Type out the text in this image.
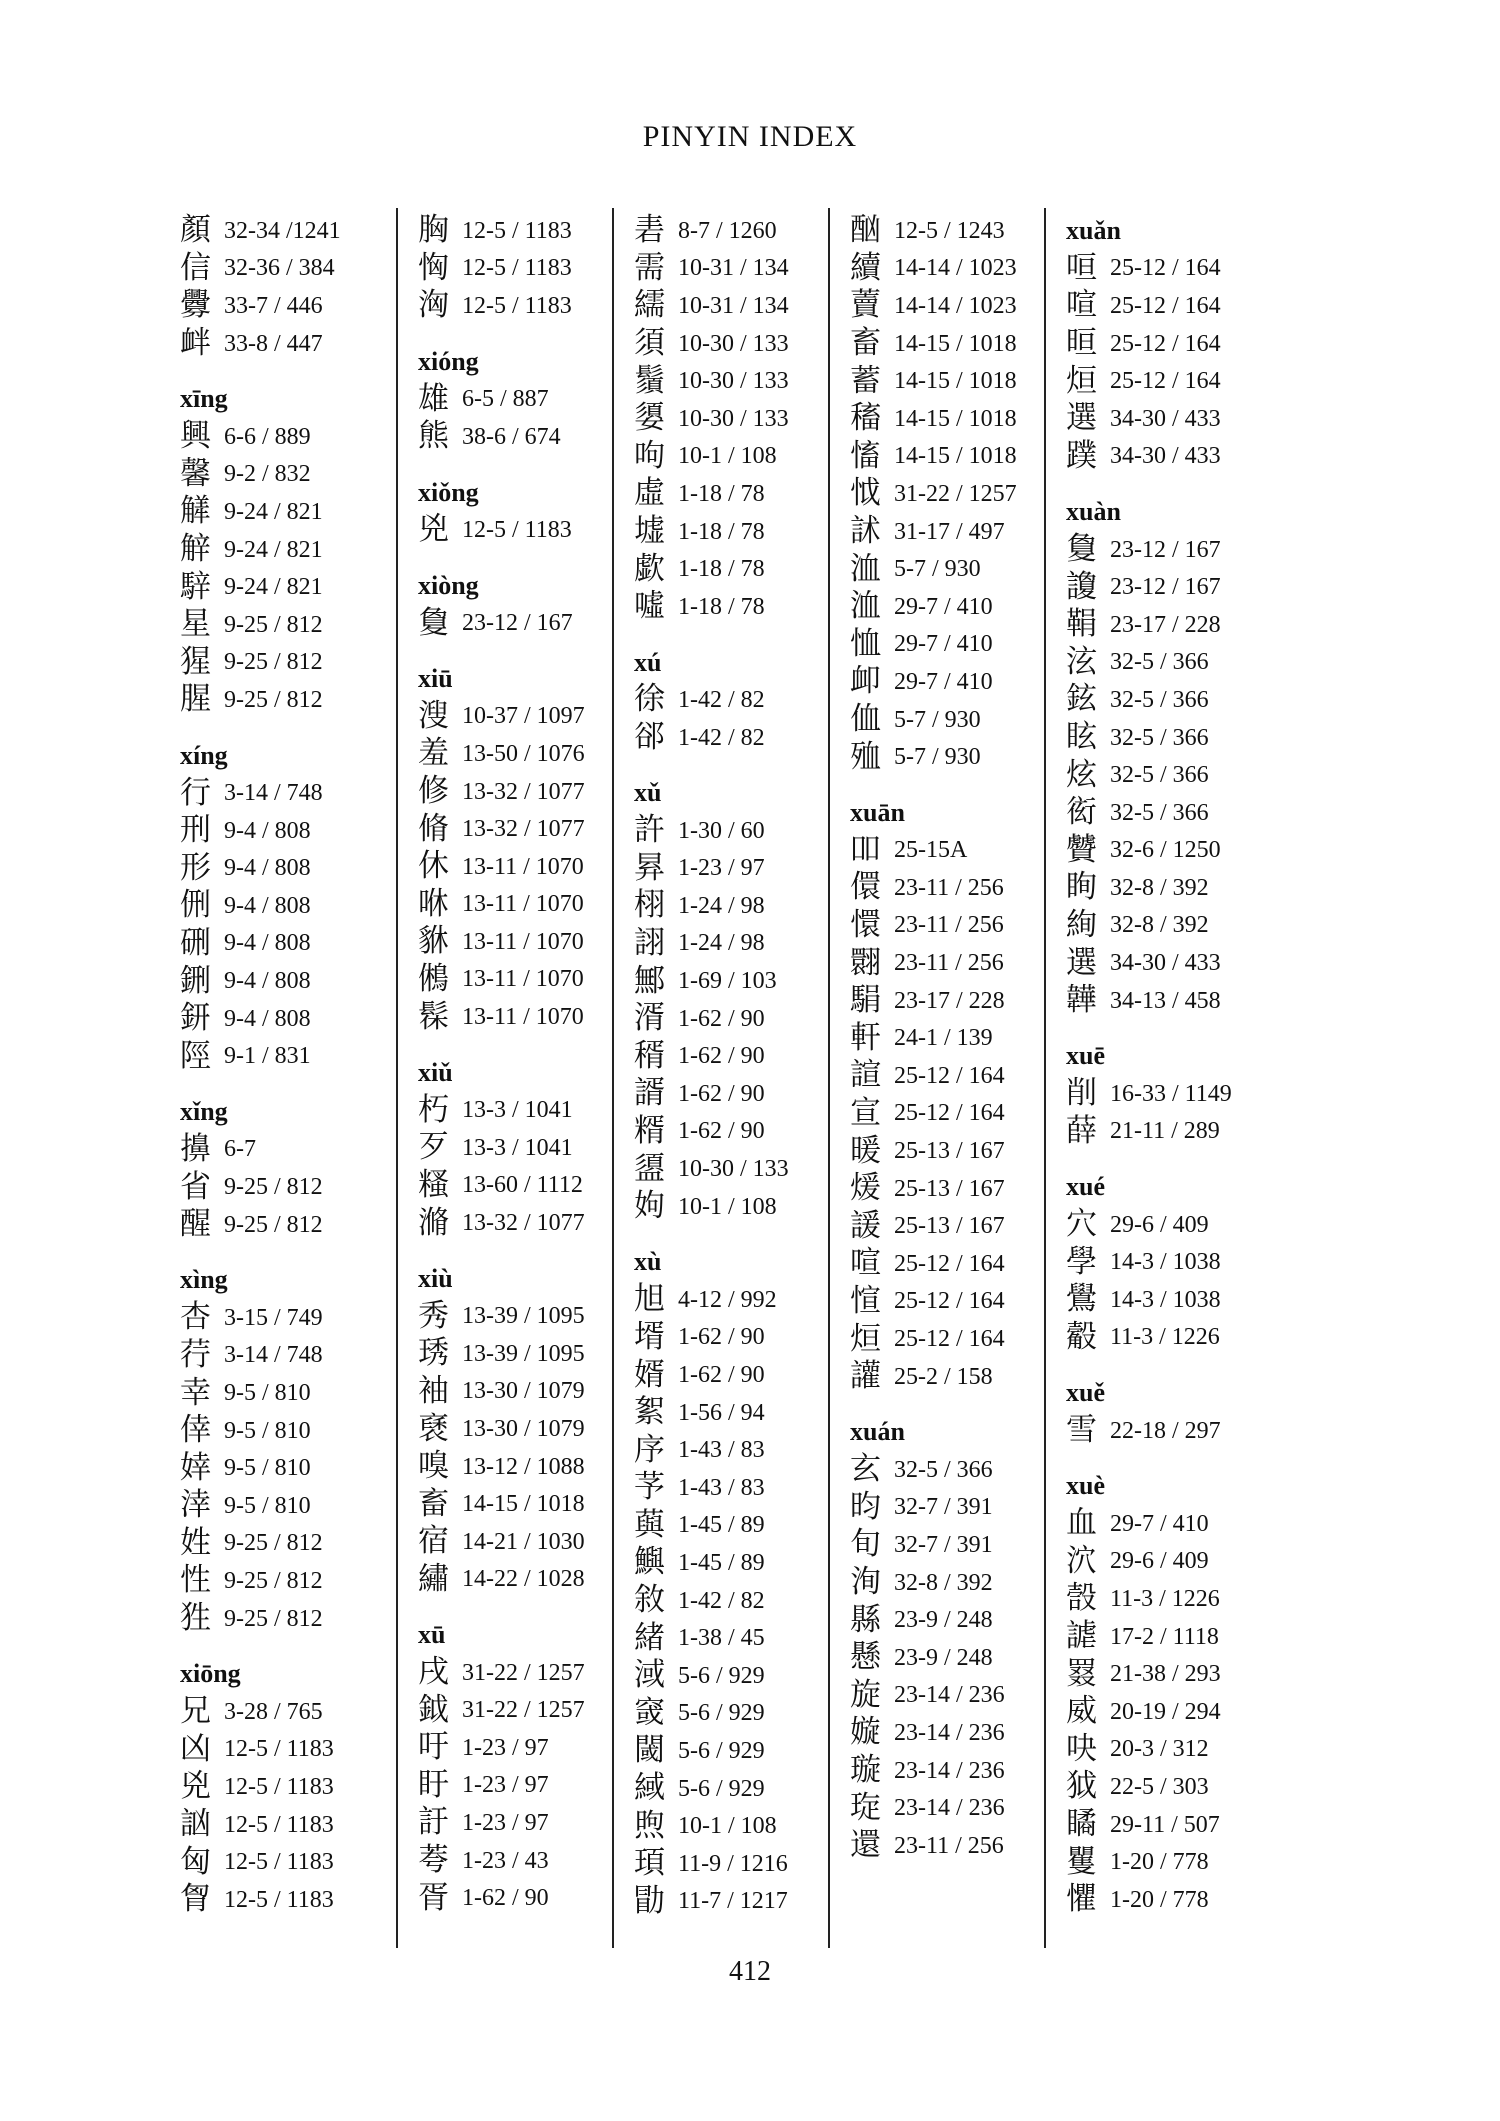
PINYIN INDEX
顏 32-34 /1241
信 32-36 / 384
釁 33-7 / 446
衅 33-8 / 447
xīng
興 6-6 / 889
馨 9-2 / 832
觲 9-24 / 821
觪 9-24 / 821
騂 9-24 / 821
星 9-25 / 812
猩 9-25 / 812
腥 9-25 / 812
xíng
行 3-14 / 748
刑 9-4 / 808
形 9-4 / 808
侀 9-4 / 808
硎 9-4 / 808
鉶 9-4 / 808
鈃 9-4 / 808
陘 9-1 / 831
xǐng
擤 6-7
省 9-25 / 812
醒 9-25 / 812
xìng
杏 3-15 / 749
荇 3-14 / 748
幸 9-5 / 810
倖 9-5 / 810
婞 9-5 / 810
涬 9-5 / 810
姓 9-25 / 812
性 9-25 / 812
狌 9-25 / 812
xiōng
兄 3-28 / 765
凶 12-5 / 1183
兇 12-5 / 1183
訩 12-5 / 1183
匈 12-5 / 1183
胷 12-5 / 1183
胸 12-5 / 1183
恟 12-5 / 1183
洶 12-5 / 1183
xióng
雄 6-5 / 887
熊 38-6 / 674
xiǒng
兇 12-5 / 1183
xiòng
敻 23-12 / 167
xiū
溲 10-37 / 1097
羞 13-50 / 1076
修 13-32 / 1077
脩 13-32 / 1077
休 13-11 / 1070
咻 13-11 / 1070
貅 13-11 / 1070
鵂 13-11 / 1070
髹 13-11 / 1070
xiǔ
朽 13-3 / 1041
歹 13-3 / 1041
糔 13-60 / 1112
滫 13-32 / 1077
xiù
秀 13-39 / 1095
琇 13-39 / 1095
袖 13-30 / 1079
褎 13-30 / 1079
嗅 13-12 / 1088
畜 14-15 / 1018
宿 14-21 / 1030
繡 14-22 / 1028
xū
戌 31-22 / 1257
鉞 31-22 / 1257
吁 1-23 / 97
盱 1-23 / 97
訏 1-23 / 97
荂 1-23 / 43
胥 1-62 / 90
砉 8-7 / 1260
需 10-31 / 134
繻 10-31 / 134
須 10-30 / 133
鬚 10-30 / 133
嬃 10-30 / 133
呴 10-1 / 108
虛 1-18 / 78
墟 1-18 / 78
歔 1-18 / 78
噓 1-18 / 78
xú
徐 1-42 / 82
郤 1-42 / 82
xǔ
許 1-30 / 60
昪 1-23 / 97
栩 1-24 / 98
詡 1-24 / 98
鄦 1-69 / 103
湑 1-62 / 90
稰 1-62 / 90
諝 1-62 / 90
糈 1-62 / 90
盨 10-30 / 133
姁 10-1 / 108
xù
旭 4-12 / 992
壻 1-62 / 90
婿 1-62 / 90
絮 1-56 / 94
序 1-43 / 83
芧 1-43 / 83
藇 1-45 / 89
鱮 1-45 / 89
敘 1-42 / 82
緒 1-38 / 45
淢 5-6 / 929
窢 5-6 / 929
閾 5-6 / 929
緎 5-6 / 929
煦 10-1 / 108
頊 11-9 / 1216
勖 11-7 / 1217
酗 12-5 / 1243
續 14-14 / 1023
藚 14-14 / 1023
畜 14-15 / 1018
蓄 14-15 / 1018
稸 14-15 / 1018
慉 14-15 / 1018
怴 31-22 / 1257
訹 31-17 / 497
洫 5-7 / 930
洫 29-7 / 410
恤 29-7 / 410
卹 29-7 / 410
侐 5-7 / 930
殈 5-7 / 930
xuān
吅 25-15A
儇 23-11 / 256
懁 23-11 / 256
翾 23-11 / 256
駽 23-17 / 228
軒 24-1 / 139
諠 25-12 / 164
宣 25-12 / 164
暖 25-13 / 167
煖 25-13 / 167
諼 25-13 / 167
喧 25-12 / 164
愃 25-12 / 164
烜 25-12 / 164
讙 25-2 / 158
xuán
玄 32-5 / 366
昀 32-7 / 391
旬 32-7 / 391
洵 32-8 / 392
縣 23-9 / 248
懸 23-9 / 248
旋 23-14 / 236
嫙 23-14 / 236
璇 23-14 / 236
琁 23-14 / 236
還 23-11 / 256
xuǎn
咺 25-12 / 164
喧 25-12 / 164
晅 25-12 / 164
烜 25-12 / 164
選 34-30 / 433
蹼 34-30 / 433
xuàn
敻 23-12 / 167
讂 23-12 / 167
鞙 23-17 / 228
泫 32-5 / 366
鉉 32-5 / 366
眩 32-5 / 366
炫 32-5 / 366
衒 32-5 / 366
贙 32-6 / 1250
眴 32-8 / 392
絢 32-8 / 392
選 34-30 / 433
韡 34-13 / 458
xuē
削 16-33 / 1149
薛 21-11 / 289
xué
穴 29-6 / 409
學 14-3 / 1038
鷽 14-3 / 1038
觳 11-3 / 1226
xuě
雪 22-18 / 297
xuè
血 29-7 / 410
泬 29-6 / 409
嗀 11-3 / 1226
謔 17-2 / 1118
罬 21-38 / 293
威 20-19 / 294
吷 20-3 / 312
狘 22-5 / 303
瞲 29-11 / 507
矍 1-20 / 778
懼 1-20 / 778
412
